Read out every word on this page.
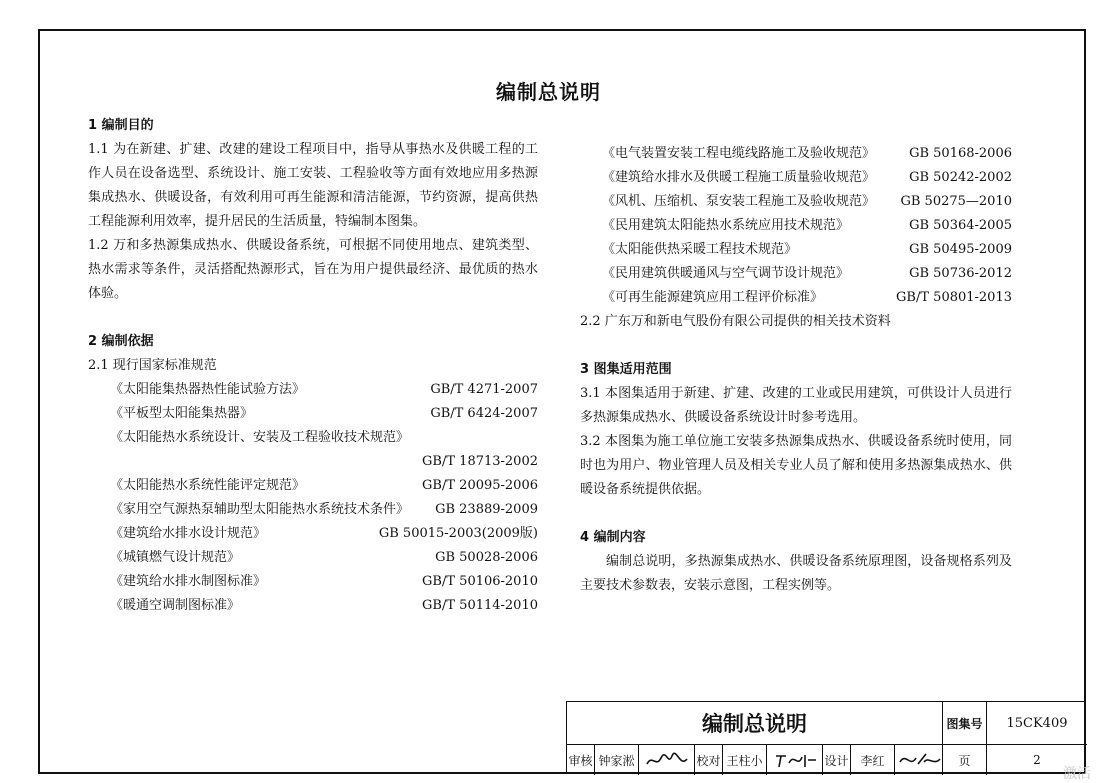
编制总说明
1 编制目的
1.1 为在新建、扩建、改建的建设工程项目中，指导从事热水及供暖工程的工作人员在设备选型、系统设计、施工安装、工程验收等方面有效地应用多热源集成热水、供暖设备，有效利用可再生能源和清洁能源，节约资源，提高供热工程能源利用效率，提升居民的生活质量，特编制本图集。
1.2 万和多热源集成热水、供暖设备系统，可根据不同使用地点、建筑类型、热水需求等条件，灵活搭配热源形式，旨在为用户提供最经济、最优质的热水体验。
2 编制依据
2.1 现行国家标准规范
《太阳能集热器热性能试验方法》	GB/T 4271-2007
《平板型太阳能集热器》	GB/T 6424-2007
《太阳能热水系统设计、安装及工程验收技术规范》
GB/T 18713-2002
《太阳能热水系统性能评定规范》	GB/T 20095-2006
《家用空气源热泵辅助型太阳能热水系统技术条件》 GB 23889-2009
《建筑给水排水设计规范》	GB 50015-2003(2009版)
《城镇燃气设计规范》	GB 50028-2006
《建筑给水排水制图标准》	GB/T 50106-2010
《暖通空调制图标准》	GB/T 50114-2010
《电气装置安装工程电缆线路施工及验收规范》	GB 50168-2006
《建筑给水排水及供暖工程施工质量验收规范》	GB 50242-2002
《风机、压缩机、泵安装工程施工及验收规范》 GB 50275—2010
《民用建筑太阳能热水系统应用技术规范》	GB 50364-2005
《太阳能供热采暖工程技术规范》	GB 50495-2009
《民用建筑供暖通风与空气调节设计规范》	GB 50736-2012
《可再生能源建筑应用工程评价标准》	GB/T 50801-2013
2.2 广东万和新电气股份有限公司提供的相关技术资料
3 图集适用范围
3.1 本图集适用于新建、扩建、改建的工业或民用建筑，可供设计人员进行多热源集成热水、供暖设备系统设计时参考选用。
3.2 本图集为施工单位施工安装多热源集成热水、供暖设备系统时使用，同时也为用户、物业管理人员及相关专业人员了解和使用多热源集成热水、供暖设备系统提供依据。
4 编制内容
编制总说明，多热源集成热水、供暖设备系统原理图，设备规格系列及主要技术参数表，安装示意图，工程实例等。
编制总说明	图集号	15CK409
审核 钟家淞	校对 王柱小	设计 李红	页	2
激活
